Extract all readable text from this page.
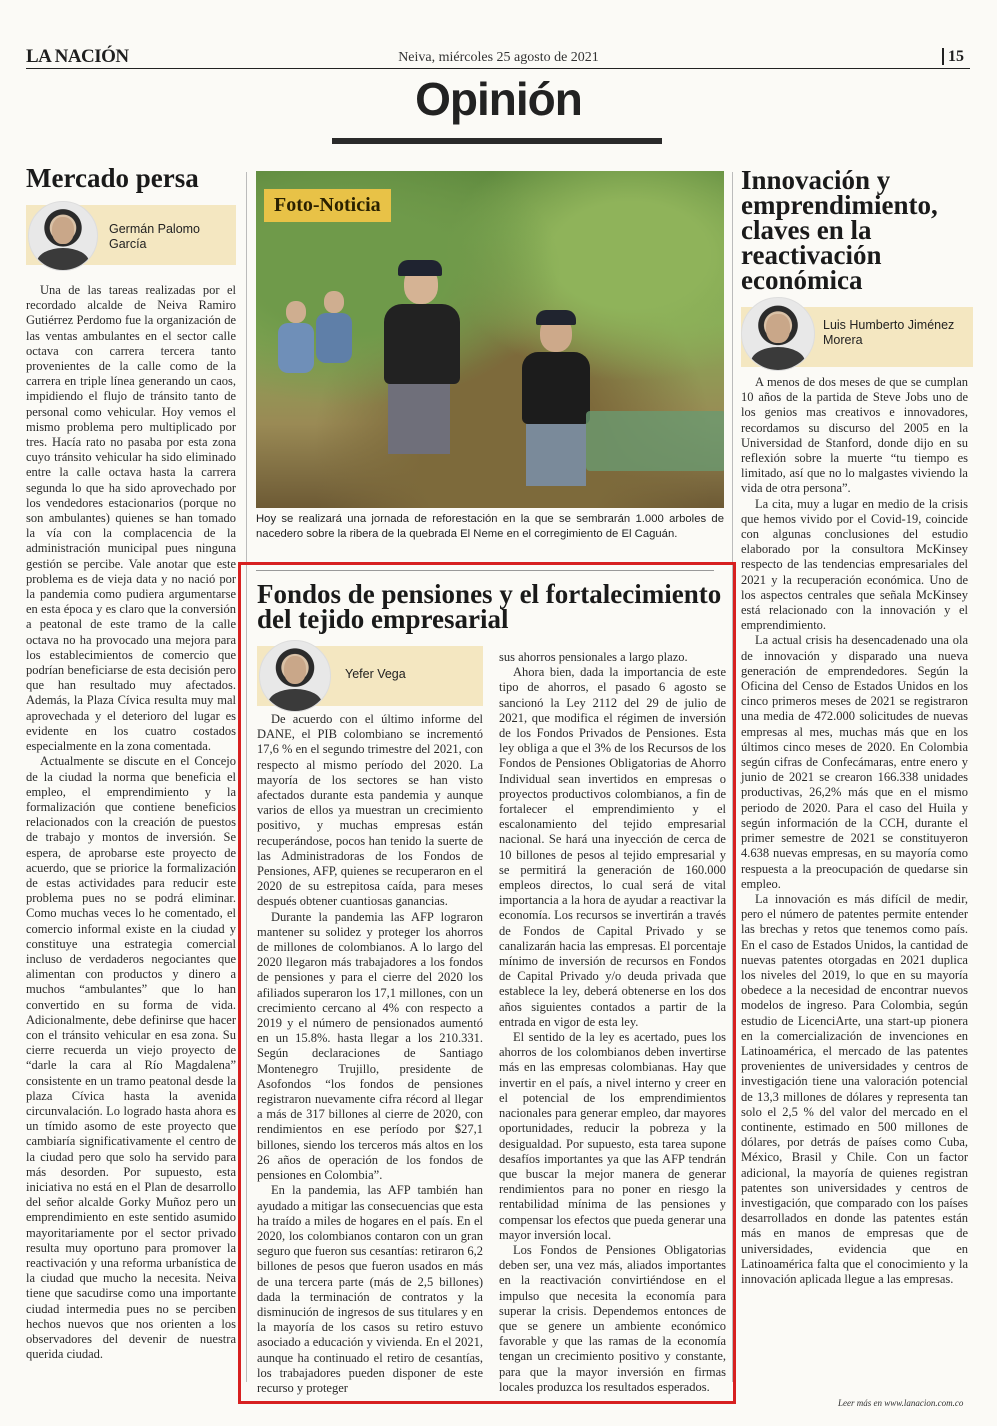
LA NACIÓN	Neiva, miércoles 25 agosto de 2021	15
Opinión
Mercado persa
Germán Palomo García

Una de las tareas realizadas por el recordado alcalde de Neiva Ramiro Gutiérrez Perdomo fue la organización de las ventas ambulantes en el sector calle octava con carrera tercera tanto provenientes de la calle como de la carrera en triple línea generando un caos, impidiendo el flujo de tránsito tanto de personal como vehicular. Hoy vemos el mismo problema pero multiplicado por tres. Hacía rato no pasaba por esta zona cuyo tránsito vehicular ha sido eliminado entre la calle octava hasta la carrera segunda lo que ha sido aprovechado por los vendedores estacionarios (porque no son ambulantes) quienes se han tomado la vía con la complacencia de la administración municipal pues ninguna gestión se percibe. Vale anotar que este problema es de vieja data y no nació por la pandemia como pudiera argumentarse en esta época y es claro que la conversión a peatonal de este tramo de la calle octava no ha provocado una mejora para los establecimientos de comercio que podrían beneficiarse de esta decisión pero que han resultado muy afectados. Además, la Plaza Cívica resulta muy mal aprovechada y el deterioro del lugar es evidente en los cuatro costados especialmente en la zona comentada.

Actualmente se discute en el Concejo de la ciudad la norma que beneficia el empleo, el emprendimiento y la formalización que contiene beneficios relacionados con la creación de puestos de trabajo y montos de inversión. Se espera, de aprobarse este proyecto de acuerdo, que se priorice la formalización de estas actividades para reducir este problema pues no se podrá eliminar. Como muchas veces lo he comentado, el comercio informal existe en la ciudad y constituye una estrategia comercial incluso de verdaderos negociantes que alimentan con productos y dinero a muchos “ambulantes” que lo han convertido en su forma de vida. Adicionalmente, debe definirse que hacer con el tránsito vehicular en esa zona. Su cierre recuerda un viejo proyecto de “darle la cara al Río Magdalena” consistente en un tramo peatonal desde la plaza Cívica hasta la avenida circunvalación. Lo logrado hasta ahora es un tímido asomo de este proyecto que cambiaría significativamente el centro de la ciudad pero que solo ha servido para más desorden. Por supuesto, esta iniciativa no está en el Plan de desarrollo del señor alcalde Gorky Muñoz pero un emprendimiento en este sentido asumido mayoritariamente por el sector privado resulta muy oportuno para promover la reactivación y una reforma urbanística de la ciudad que mucho la necesita. Neiva tiene que sacudirse como una importante ciudad intermedia pues no se perciben hechos nuevos que nos orienten a los observadores del devenir de nuestra querida ciudad.

Foto-Noticia
Hoy se realizará una jornada de reforestación en la que se sembrarán 1.000 arboles de nacedero sobre la ribera de la quebrada El Neme en el corregimiento de El Caguán.
Fondos de pensiones y el fortalecimiento del tejido empresarial
Yefer Vega

De acuerdo con el último informe del DANE, el PIB colombiano se incrementó 17,6 % en el segundo trimestre del 2021, con respecto al mismo período del 2020. La mayoría de los sectores se han visto afectados durante esta pandemia y aunque varios de ellos ya muestran un crecimiento positivo, y muchas empresas están recuperándose, pocos han tenido la suerte de las Administradoras de los Fondos de Pensiones, AFP, quienes se recuperaron en el 2020 de su estrepitosa caída, para meses después obtener cuantiosas ganancias.

Durante la pandemia las AFP lograron mantener su solidez y proteger los ahorros de millones de colombianos. A lo largo del 2020 llegaron más trabajadores a los fondos de pensiones y para el cierre del 2020 los afiliados superaron los 17,1 millones, con un crecimiento cercano al 4% con respecto a 2019 y el número de pensionados aumentó en un 15.8%. hasta llegar a los 210.331. Según declaraciones de Santiago Montenegro Trujillo, presidente de Asofondos “los fondos de pensiones registraron nuevamente cifra récord al llegar a más de 317 billones al cierre de 2020, con rendimientos en ese período por $27,1 billones, siendo los terceros más altos en los 26 años de operación de los fondos de pensiones en Colombia”.

En la pandemia, las AFP también han ayudado a mitigar las consecuencias que esta ha traído a miles de hogares en el país. En el 2020, los colombianos contaron con un gran seguro que fueron sus cesantías: retiraron 6,2 billones de pesos que fueron usados en más de una tercera parte (más de 2,5 billones) dada la terminación de contratos y la disminución de ingresos de sus titulares y en la mayoría de los casos su retiro estuvo asociado a educación y vivienda. En el 2021, aunque ha continuado el retiro de cesantías, los trabajadores pueden disponer de este recurso y proteger

sus ahorros pensionales a largo plazo.

Ahora bien, dada la importancia de este tipo de ahorros, el pasado 6 agosto se sancionó la Ley 2112 del 29 de julio de 2021, que modifica el régimen de inversión de los Fondos Privados de Pensiones. Esta ley obliga a que el 3% de los Recursos de los Fondos de Pensiones Obligatorias de Ahorro Individual sean invertidos en empresas o proyectos productivos colombianos, a fin de fortalecer el emprendimiento y el escalonamiento del tejido empresarial nacional. Se hará una inyección de cerca de 10 billones de pesos al tejido empresarial y se permitirá la generación de 160.000 empleos directos, lo cual será de vital importancia a la hora de ayudar a reactivar la economía. Los recursos se invertirán a través de Fondos de Capital Privado y se canalizarán hacia las empresas. El porcentaje mínimo de inversión de recursos en Fondos de Capital Privado y/o deuda privada que establece la ley, deberá obtenerse en los dos años siguientes contados a partir de la entrada en vigor de esta ley.

El sentido de la ley es acertado, pues los ahorros de los colombianos deben invertirse más en las empresas colombianas. Hay que invertir en el país, a nivel interno y creer en el potencial de los emprendimientos nacionales para generar empleo, dar mayores oportunidades, reducir la pobreza y la desigualdad. Por supuesto, esta tarea supone desafíos importantes ya que las AFP tendrán que buscar la mejor manera de generar rendimientos para no poner en riesgo la rentabilidad mínima de las pensiones y compensar los efectos que pueda generar una mayor inversión local.

Los Fondos de Pensiones Obligatorias deben ser, una vez más, aliados importantes en la reactivación convirtiéndose en el impulso que necesita la economía para superar la crisis. Dependemos entonces de que se genere un ambiente económico favorable y que las ramas de la economía tengan un crecimiento positivo y constante, para que la mayor inversión en firmas locales produzca los resultados esperados.

Innovación y emprendimiento, claves en la reactivación económica
Luis Humberto Jiménez Morera

A menos de dos meses de que se cumplan 10 años de la partida de Steve Jobs uno de los genios mas creativos e innovadores, recordamos su discurso del 2005 en la Universidad de Stanford, donde dijo en su reflexión sobre la muerte “tu tiempo es limitado, así que no lo malgastes viviendo la vida de otra persona”.

La cita, muy a lugar en medio de la crisis que hemos vivido por el Covid-19, coincide con algunas conclusiones del estudio elaborado por la consultora McKinsey respecto de las tendencias empresariales del 2021 y la recuperación económica. Uno de los aspectos centrales que señala McKinsey está relacionado con la innovación y el emprendimiento.

La actual crisis ha desencadenado una ola de innovación y disparado una nueva generación de emprendedores. Según la Oficina del Censo de Estados Unidos en los cinco primeros meses de 2021 se registraron una media de 472.000 solicitudes de nuevas empresas al mes, muchas más que en los últimos cinco meses de 2020. En Colombia según cifras de Confecámaras, entre enero y junio de 2021 se crearon 166.338 unidades productivas, 26,2% más que en el mismo periodo de 2020. Para el caso del Huila y según información de la CCH, durante el primer semestre de 2021 se constituyeron 4.638 nuevas empresas, en su mayoría como respuesta a la preocupación de quedarse sin empleo.

La innovación es más difícil de medir, pero el número de patentes permite entender las brechas y retos que tenemos como país. En el caso de Estados Unidos, la cantidad de nuevas patentes otorgadas en 2021 duplica los niveles del 2019, lo que en su mayoría obedece a la necesidad de encontrar nuevos modelos de ingreso. Para Colombia, según estudio de LicenciArte, una start-up pionera en la comercialización de invenciones en Latinoamérica, el mercado de las patentes provenientes de universidades y centros de investigación tiene una valoración potencial de 13,3 millones de dólares y representa tan solo el 2,5 % del valor del mercado en el continente, estimado en 500 millones de dólares, por detrás de países como Cuba, México, Brasil y Chile. Con un factor adicional, la mayoría de quienes registran patentes son universidades y centros de investigación, que comparado con los países desarrollados en donde las patentes están más en manos de empresas que de universidades, evidencia que en Latinoamérica falta que el conocimiento y la innovación aplicada llegue a las empresas.

Leer más en www.lanacion.com.co
